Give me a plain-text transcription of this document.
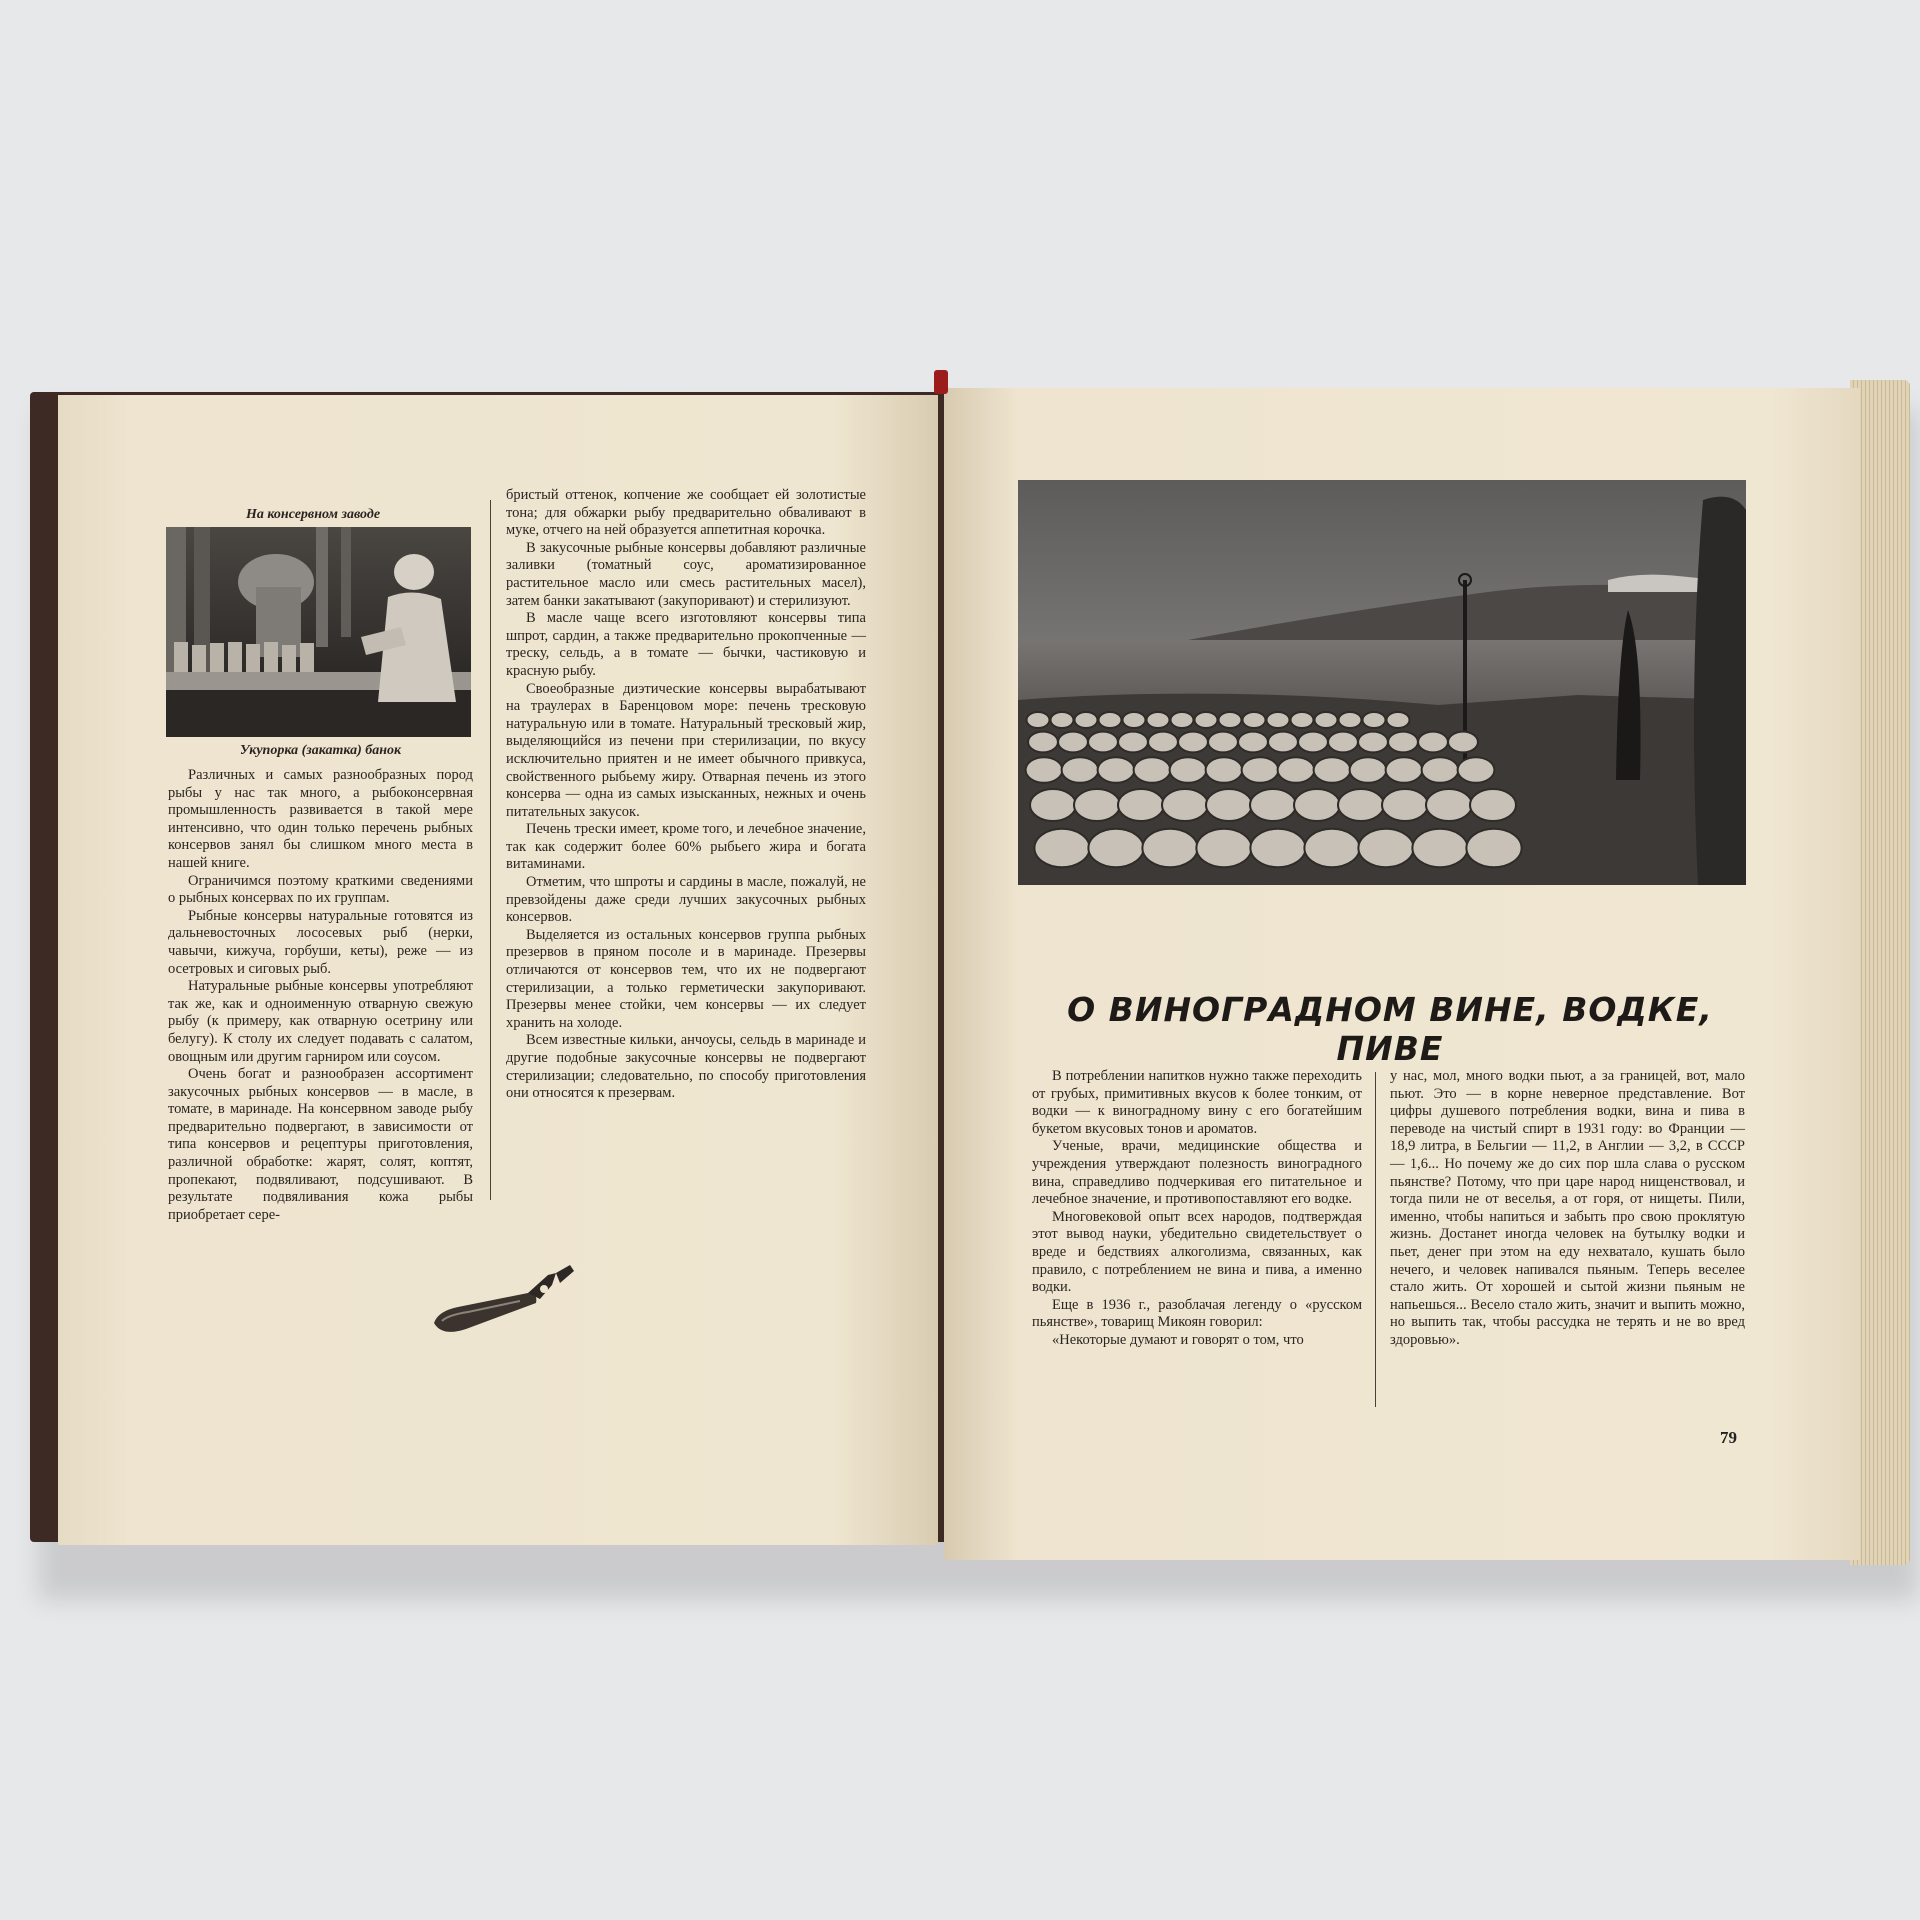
На консервном заводе
Укупорка (закатка) банок

Различных и самых разнообразных пород рыбы у нас так много, а рыбоконсервная промышленность развивается в такой мере интенсивно, что один только перечень рыбных консервов занял бы слишком много места в нашей книге.

Ограничимся поэтому краткими сведениями о рыбных консервах по их группам.

Рыбные консервы натуральные готовятся из дальневосточных лососевых рыб (нерки, чавычи, кижуча, горбуши, кеты), реже — из осетровых и сиговых рыб.

Натуральные рыбные консервы употребляют так же, как и одноименную отварную свежую рыбу (к примеру, как отварную осетрину или белугу). К столу их следует подавать с салатом, овощным или другим гарниром или соусом.

Очень богат и разнообразен ассортимент закусочных рыбных консервов — в масле, в томате, в маринаде. На консервном заводе рыбу предварительно подвергают, в зависимости от типа консервов и рецептуры приготовления, различной обработке: жарят, солят, коптят, пропекают, подвяливают, подсушивают. В результате подвяливания кожа рыбы приобретает сере-

бристый оттенок, копчение же сообщает ей золотистые тона; для обжарки рыбу предварительно обваливают в муке, отчего на ней образуется аппетитная корочка.

В закусочные рыбные консервы добавляют различные заливки (томатный соус, ароматизированное растительное масло или смесь растительных масел), затем банки закатывают (закупоривают) и стерилизуют.

В масле чаще всего изготовляют консервы типа шпрот, сардин, а также предварительно прокопченные — треску, сельдь, а в томате — бычки, частиковую и красную рыбу.

Своеобразные диэтические консервы вырабатывают на траулерах в Баренцовом море: печень тресковую натуральную или в томате. Натуральный тресковый жир, выделяющийся из печени при стерилизации, по вкусу исключительно приятен и не имеет обычного привкуса, свойственного рыбьему жиру. Отварная печень из этого консерва — одна из самых изысканных, нежных и очень питательных закусок.

Печень трески имеет, кроме того, и лечебное значение, так как содержит более 60% рыбьего жира и богата витаминами.

Отметим, что шпроты и сардины в масле, пожалуй, не превзойдены даже среди лучших закусочных рыбных консервов.

Выделяется из остальных консервов группа рыбных презервов в пряном посоле и в маринаде. Презервы отличаются от консервов тем, что их не подвергают стерилизации, а только герметически закупоривают. Презервы менее стойки, чем консервы — их следует хранить на холоде.

Всем известные кильки, анчоусы, сельдь в маринаде и другие подобные закусочные консервы не подвергают стерилизации; следовательно, по способу приготовления они относятся к презервам.

О ВИНОГРАДНОМ ВИНЕ, ВОДКЕ, ПИВЕ

В потреблении напитков нужно также переходить от грубых, примитивных вкусов к более тонким, от водки — к виноградному вину с его богатейшим букетом вкусовых тонов и ароматов.

Ученые, врачи, медицинские общества и учреждения утверждают полезность виноградного вина, справедливо подчеркивая его питательное и лечебное значение, и противопоставляют его водке.

Многовековой опыт всех народов, подтверждая этот вывод науки, убедительно свидетельствует о вреде и бедствиях алкоголизма, связанных, как правило, с потреблением не вина и пива, а именно водки.

Еще в 1936 г., разоблачая легенду о «русском пьянстве», товарищ Микоян говорил:

«Некоторые думают и говорят о том, что

у нас, мол, много водки пьют, а за границей, вот, мало пьют. Это — в корне неверное представление. Вот цифры душевого потребления водки, вина и пива в переводе на чистый спирт в 1931 году: во Франции — 18,9 литра, в Бельгии — 11,2, в Англии — 3,2, в СССР — 1,6... Но почему же до сих пор шла слава о русском пьянстве? Потому, что при царе народ нищенствовал, и тогда пили не от веселья, а от горя, от нищеты. Пили, именно, чтобы напиться и забыть про свою проклятую жизнь. Достанет иногда человек на бутылку водки и пьет, денег при этом на еду нехватало, кушать было нечего, и человек напивался пьяным. Теперь веселее стало жить. От хорошей и сытой жизни пьяным не напьешься... Весело стало жить, значит и выпить можно, но выпить так, чтобы рассудка не терять и не во вред здоровью».

79
